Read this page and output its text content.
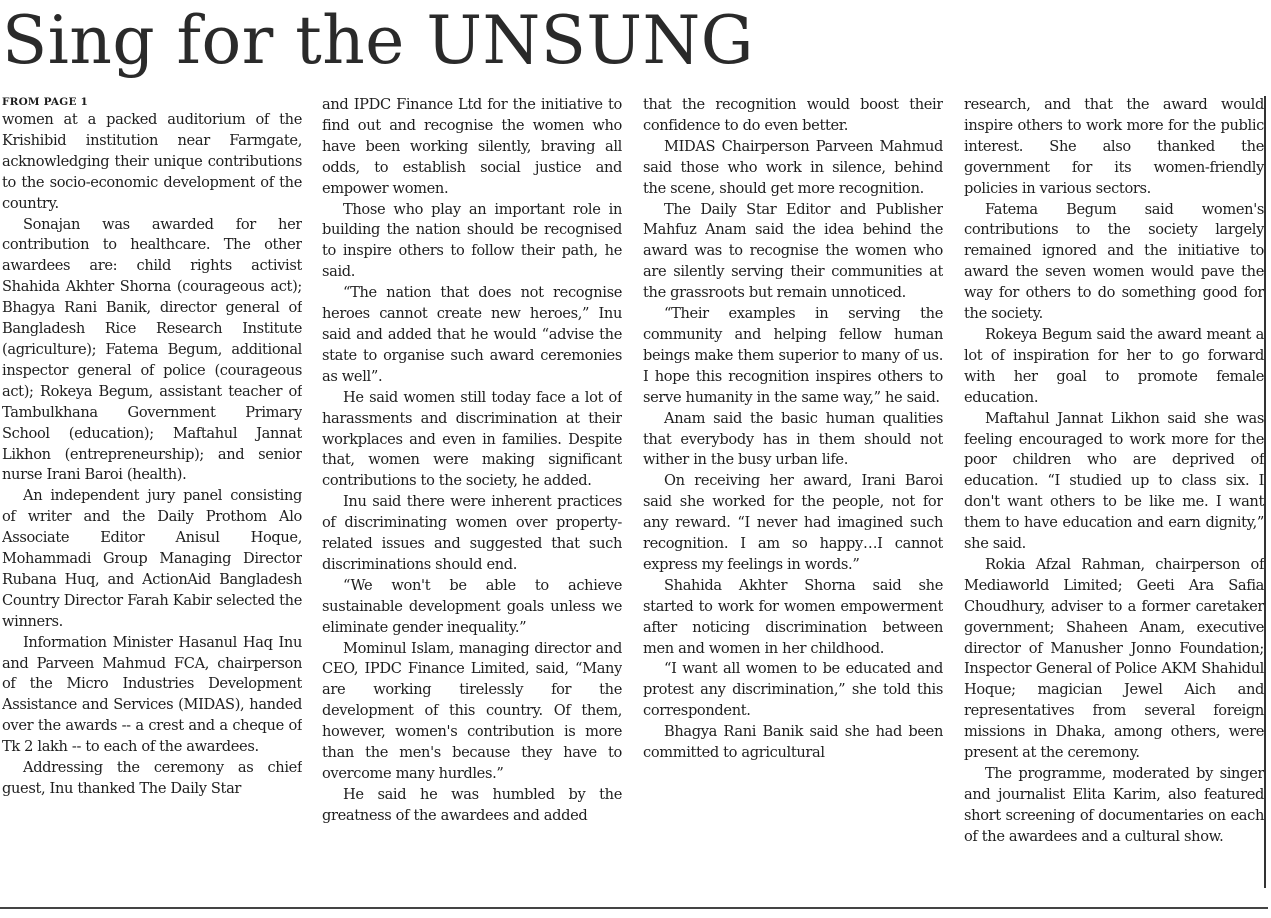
Sing for the UNSUNG
FROM PAGE 1

women at a packed auditorium of the Krishibid institution near Farmgate, acknowledging their unique contributions to the socio-economic development of the country.

Sonajan was awarded for her contribution to healthcare. The other awardees are: child rights activist Shahida Akhter Shorna (courageous act); Bhagya Rani Banik, director general of Bangladesh Rice Research Institute (agriculture); Fatema Begum, additional inspector general of police (courageous act); Rokeya Begum, assistant teacher of Tambulkhana Government Primary School (education); Maftahul Jannat Likhon (entrepreneurship); and senior nurse Irani Baroi (health).

An independent jury panel consisting of writer and the Daily Prothom Alo Associate Editor Anisul Hoque, Mohammadi Group Managing Director Rubana Huq, and ActionAid Bangladesh Country Director Farah Kabir selected the winners.

Information Minister Hasanul Haq Inu and Parveen Mahmud FCA, chairperson of the Micro Industries Development Assistance and Services (MIDAS), handed over the awards -- a crest and a cheque of Tk 2 lakh -- to each of the awardees.

Addressing the ceremony as chief guest, Inu thanked The Daily Star

and IPDC Finance Ltd for the initiative to find out and recognise the women who have been working silently, braving all odds, to establish social justice and empower women.

Those who play an important role in building the nation should be recognised to inspire others to follow their path, he said.

“The nation that does not recognise heroes cannot create new heroes,” Inu said and added that he would “advise the state to organise such award ceremonies as well”.

He said women still today face a lot of harassments and discrimination at their workplaces and even in families. Despite that, women were making significant contributions to the society, he added.

Inu said there were inherent practices of discriminating women over property-related issues and suggested that such discriminations should end.

“We won't be able to achieve sustainable development goals unless we eliminate gender inequality.”

Mominul Islam, managing director and CEO, IPDC Finance Limited, said, “Many are working tirelessly for the development of this country. Of them, however, women's contribution is more than the men's because they have to overcome many hurdles.”

He said he was humbled by the greatness of the awardees and added

that the recognition would boost their confidence to do even better.

MIDAS Chairperson Parveen Mahmud said those who work in silence, behind the scene, should get more recognition.

The Daily Star Editor and Publisher Mahfuz Anam said the idea behind the award was to recognise the women who are silently serving their communities at the grassroots but remain unnoticed.

“Their examples in serving the community and helping fellow human beings make them superior to many of us. I hope this recognition inspires others to serve humanity in the same way,” he said.

Anam said the basic human qualities that everybody has in them should not wither in the busy urban life.

On receiving her award, Irani Baroi said she worked for the people, not for any reward. “I never had imagined such recognition. I am so happy…I cannot express my feelings in words.”

Shahida Akhter Shorna said she started to work for women empowerment after noticing discrimination between men and women in her childhood.

“I want all women to be educated and protest any discrimination,” she told this correspondent.

Bhagya Rani Banik said she had been committed to agricultural

research, and that the award would inspire others to work more for the public interest. She also thanked the government for its women-friendly policies in various sectors.

Fatema Begum said women's contributions to the society largely remained ignored and the initiative to award the seven women would pave the way for others to do something good for the society.

Rokeya Begum said the award meant a lot of inspiration for her to go forward with her goal to promote female education.

Maftahul Jannat Likhon said she was feeling encouraged to work more for the poor children who are deprived of education. “I studied up to class six. I don't want others to be like me. I want them to have education and earn dignity,” she said.

Rokia Afzal Rahman, chairperson of Mediaworld Limited; Geeti Ara Safia Choudhury, adviser to a former caretaker government; Shaheen Anam, executive director of Manusher Jonno Foundation; Inspector General of Police AKM Shahidul Hoque; magician Jewel Aich and representatives from several foreign missions in Dhaka, among others, were present at the ceremony.

The programme, moderated by singer and journalist Elita Karim, also featured short screening of documentaries on each of the awardees and a cultural show.
